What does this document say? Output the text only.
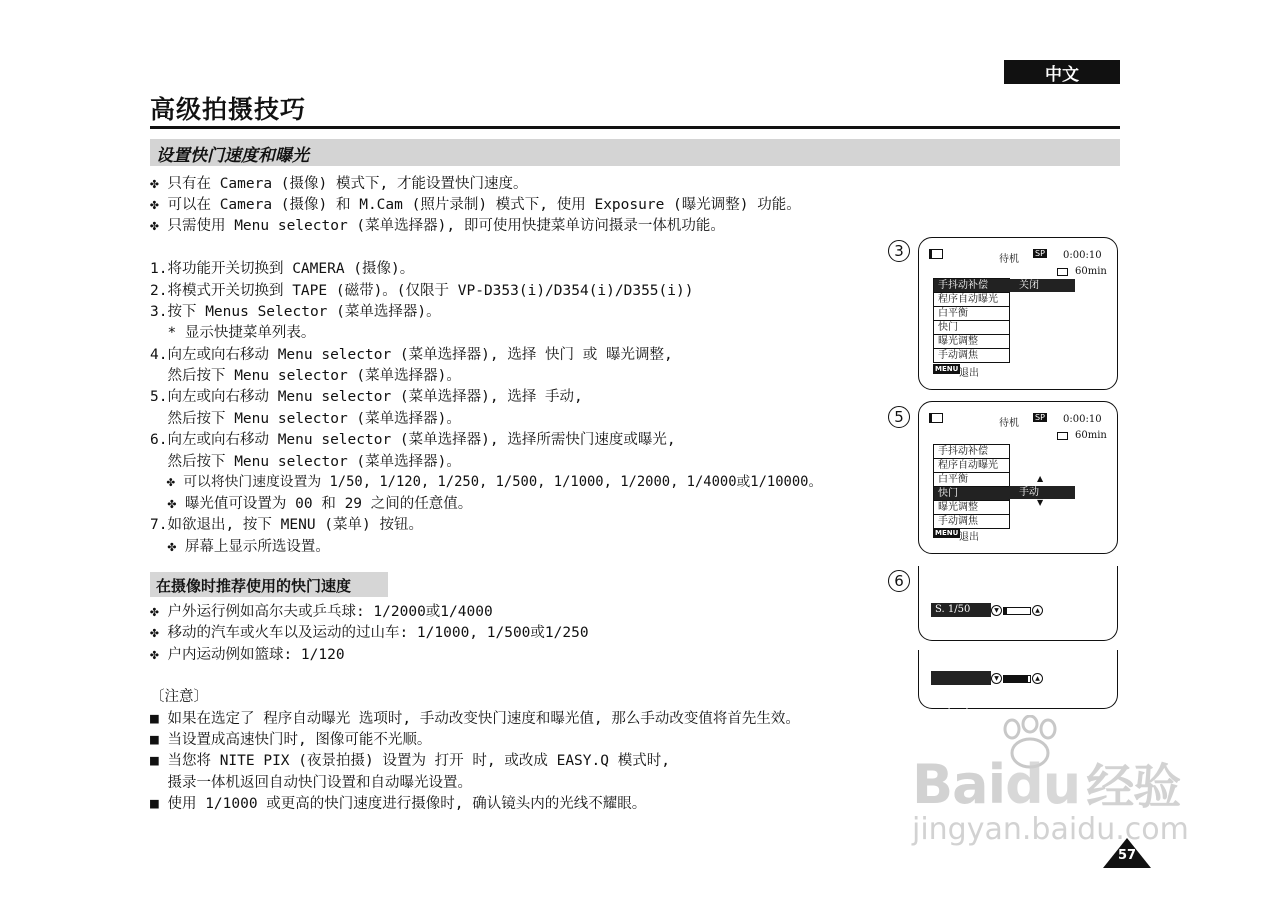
中文
高级拍摄技巧
设置快门速度和曝光
✤ 只有在 Camera (摄像) 模式下, 才能设置快门速度。
✤ 可以在 Camera (摄像) 和 M.Cam (照片录制) 模式下, 使用 Exposure (曝光调整) 功能。
✤ 只需使用 Menu selector (菜单选择器), 即可使用快捷菜单访问摄录一体机功能。
1.将功能开关切换到 CAMERA (摄像)。
2.将模式开关切换到 TAPE (磁带)。(仅限于 VP-D353(i)/D354(i)/D355(i))
3.按下 Menus Selector (菜单选择器)。
* 显示快捷菜单列表。
4.向左或向右移动 Menu selector (菜单选择器), 选择 快门 或 曝光调整,
然后按下 Menu selector (菜单选择器)。
5.向左或向右移动 Menu selector (菜单选择器), 选择 手动,
然后按下 Menu selector (菜单选择器)。
6.向左或向右移动 Menu selector (菜单选择器), 选择所需快门速度或曝光,
然后按下 Menu selector (菜单选择器)。
✤ 可以将快门速度设置为 1/50, 1/120, 1/250, 1/500, 1/1000, 1/2000, 1/4000或1/10000。
✤ 曝光值可设置为 00 和 29 之间的任意值。
7.如欲退出, 按下 MENU (菜单) 按钮。
✤ 屏幕上显示所选设置。
在摄像时推荐使用的快门速度
✤ 户外运行例如高尔夫或乒乓球: 1/2000或1/4000
✤ 移动的汽车或火车以及运动的过山车: 1/1000, 1/500或1/250
✤ 户内运动例如篮球: 1/120
〔注意〕
■ 如果在选定了 程序自动曝光 选项时, 手动改变快门速度和曝光值, 那么手动改变值将首先生效。
■ 当设置成高速快门时, 图像可能不光顺。
■ 当您将 NITE PIX (夜景拍摄) 设置为 打开 时, 或改成 EASY.Q 模式时,
摄录一体机返回自动快门设置和自动曝光设置。
■ 使用 1/1000 或更高的快门速度进行摄像时, 确认镜头内的光线不耀眼。
3	待机
SP 0:00:10
60min
手抖动补偿
程序自动曝光
白平衡
快门
曝光调整
手动调焦
关闭
MENU 退出
5	待机
SP 0:00:10
60min
手抖动补偿
程序自动曝光
白平衡
快门
曝光调整
手动调焦
▲
手动
▼
MENU 退出
6
S. 1/50	▼	▲

✿
[29]

▼	▲
Baidu 经验
jingyan.baidu.com
57
